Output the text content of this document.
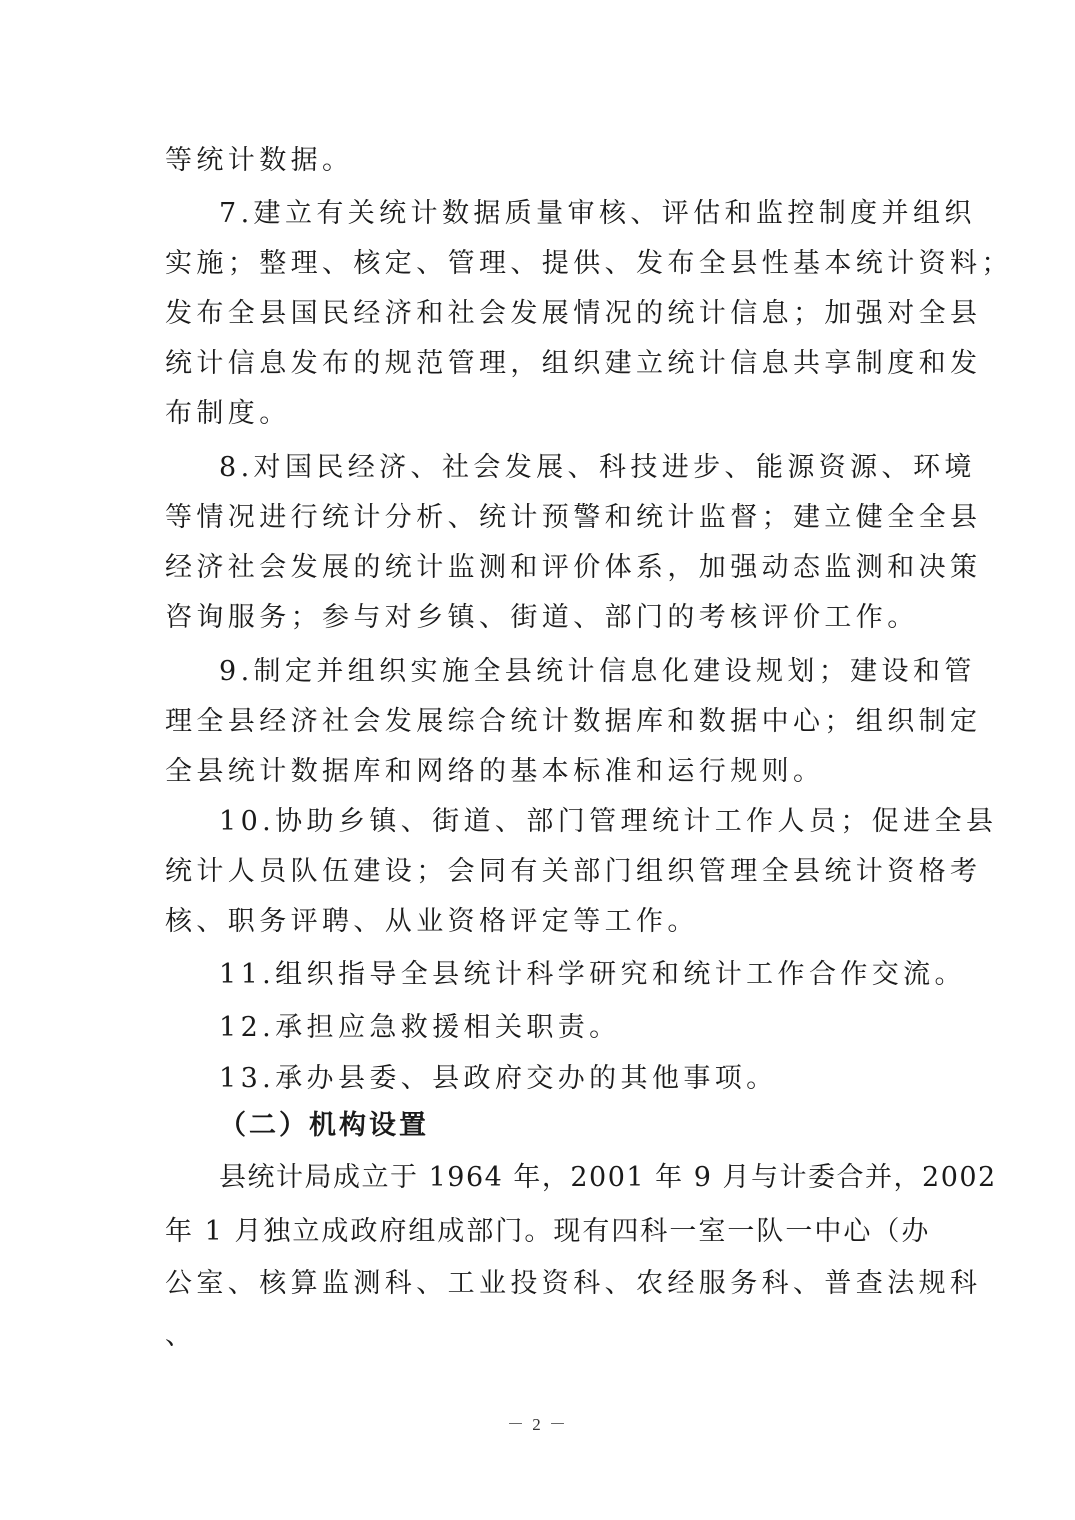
等统计数据。
7.建立有关统计数据质量审核、评估和监控制度并组织
实施；整理、核定、管理、提供、发布全县性基本统计资料；
发布全县国民经济和社会发展情况的统计信息；加强对全县
统计信息发布的规范管理，组织建立统计信息共享制度和发
布制度。
8.对国民经济、社会发展、科技进步、能源资源、环境
等情况进行统计分析、统计预警和统计监督；建立健全全县
经济社会发展的统计监测和评价体系，加强动态监测和决策
咨询服务；参与对乡镇、街道、部门的考核评价工作。
9.制定并组织实施全县统计信息化建设规划；建设和管
理全县经济社会发展综合统计数据库和数据中心；组织制定
全县统计数据库和网络的基本标准和运行规则。
10.协助乡镇、街道、部门管理统计工作人员；促进全县
统计人员队伍建设；会同有关部门组织管理全县统计资格考
核、职务评聘、从业资格评定等工作。
11.组织指导全县统计科学研究和统计工作合作交流。
12.承担应急救援相关职责。
13.承办县委、县政府交办的其他事项。
（二）机构设置
县统计局成立于 1964 年，2001 年 9 月与计委合并，2002
年 1 月独立成政府组成部门。现有四科一室一队一中心（办
公室、核算监测科、工业投资科、农经服务科、普查法规科
、
－ 2 －
